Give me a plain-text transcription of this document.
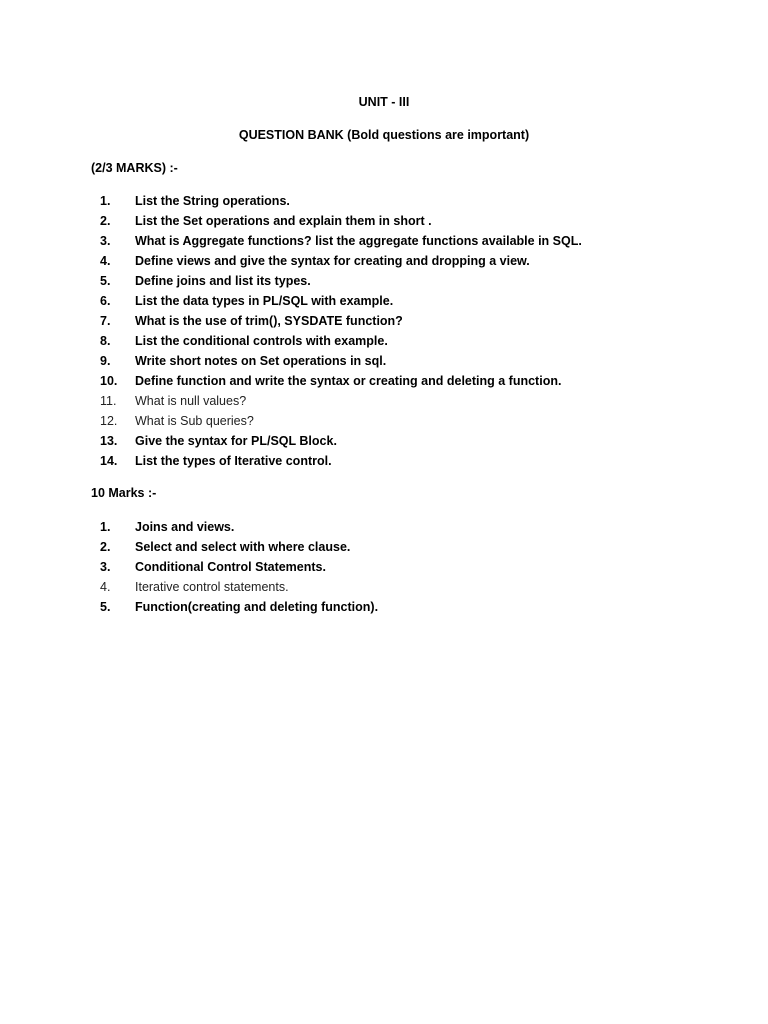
UNIT - III
QUESTION BANK (Bold questions are important)
(2/3 MARKS) :-
1.	List the String operations.
2.	List the Set operations and explain them in short .
3.	What is Aggregate functions? list the aggregate functions available in SQL.
4.	Define views and give the syntax for creating and dropping a view.
5.	Define joins and list its types.
6.	List the data types in PL/SQL with example.
7.	What is the use of trim(), SYSDATE function?
8.	List the conditional controls with example.
9.	Write short notes on Set operations in sql.
10.	Define function and write the syntax or creating and deleting a function.
11.	What is null values?
12.	What is Sub queries?
13.	Give the syntax for PL/SQL Block.
14.	List the types of Iterative control.
10 Marks :-
1.	Joins and views.
2.	Select and select with where clause.
3.	Conditional Control Statements.
4.	Iterative control statements.
5.	Function(creating and deleting function).
